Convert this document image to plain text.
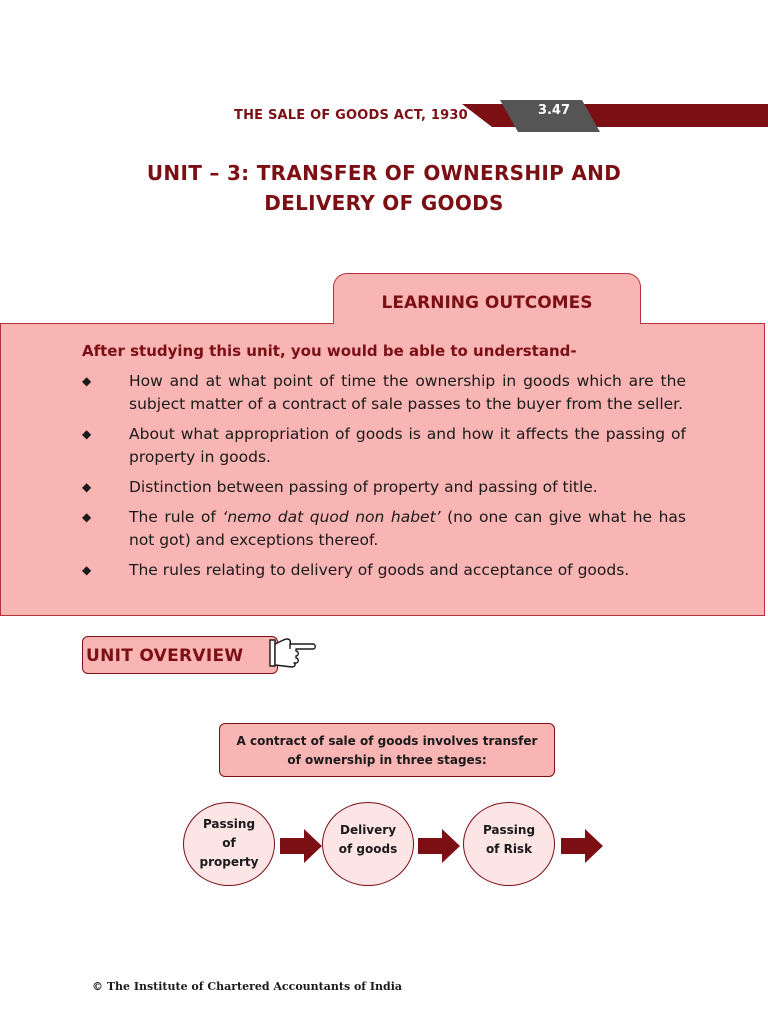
THE SALE OF GOODS ACT, 1930	3.47
UNIT – 3: TRANSFER OF OWNERSHIP AND
DELIVERY OF GOODS
LEARNING OUTCOMES
After studying this unit, you would be able to understand-
◆ How and at what point of time the ownership in goods which are the subject matter of a contract of sale passes to the buyer from the seller.
◆ About what appropriation of goods is and how it affects the passing of property in goods.
◆ Distinction between passing of property and passing of title.
◆ The rule of ‘nemo dat quod non habet’ (no one can give what he has not got) and exceptions thereof.
◆ The rules relating to delivery of goods and acceptance of goods.
UNIT OVERVIEW
A contract of sale of goods involves transfer
of ownership in three stages:
Passing
of
property
Delivery
of goods
Passing
of Risk
© The Institute of Chartered Accountants of India
